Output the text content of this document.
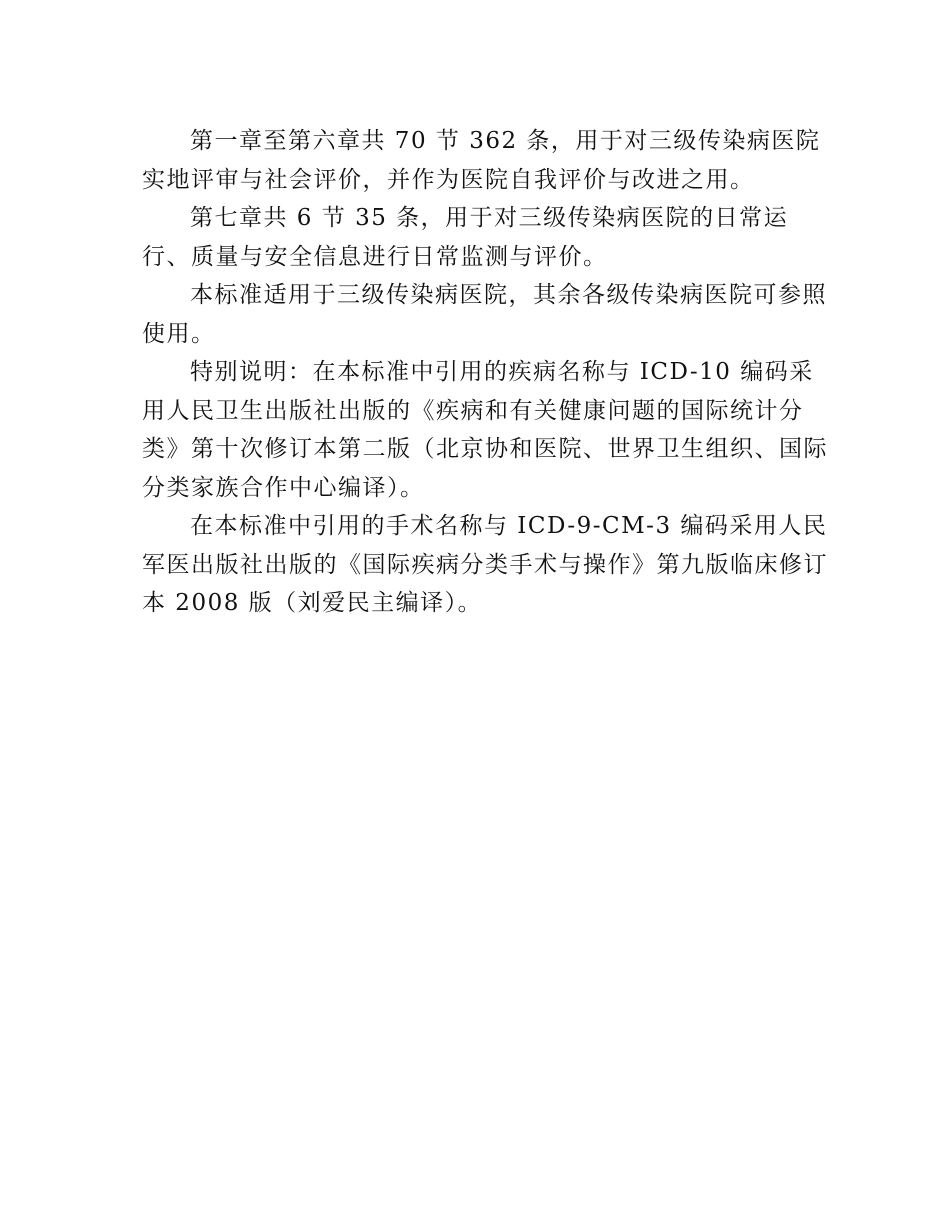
第一章至第六章共 70 节 362 条，用于对三级传染病医院实地评审与社会评价，并作为医院自我评价与改进之用。

第七章共 6 节 35 条，用于对三级传染病医院的日常运行、质量与安全信息进行日常监测与评价。

本标准适用于三级传染病医院，其余各级传染病医院可参照使用。

特别说明：在本标准中引用的疾病名称与 ICD-10 编码采用人民卫生出版社出版的《疾病和有关健康问题的国际统计分类》第十次修订本第二版（北京协和医院、世界卫生组织、国际分类家族合作中心编译）。

在本标准中引用的手术名称与 ICD-9-CM-3 编码采用人民军医出版社出版的《国际疾病分类手术与操作》第九版临床修订本 2008 版（刘爱民主编译）。
